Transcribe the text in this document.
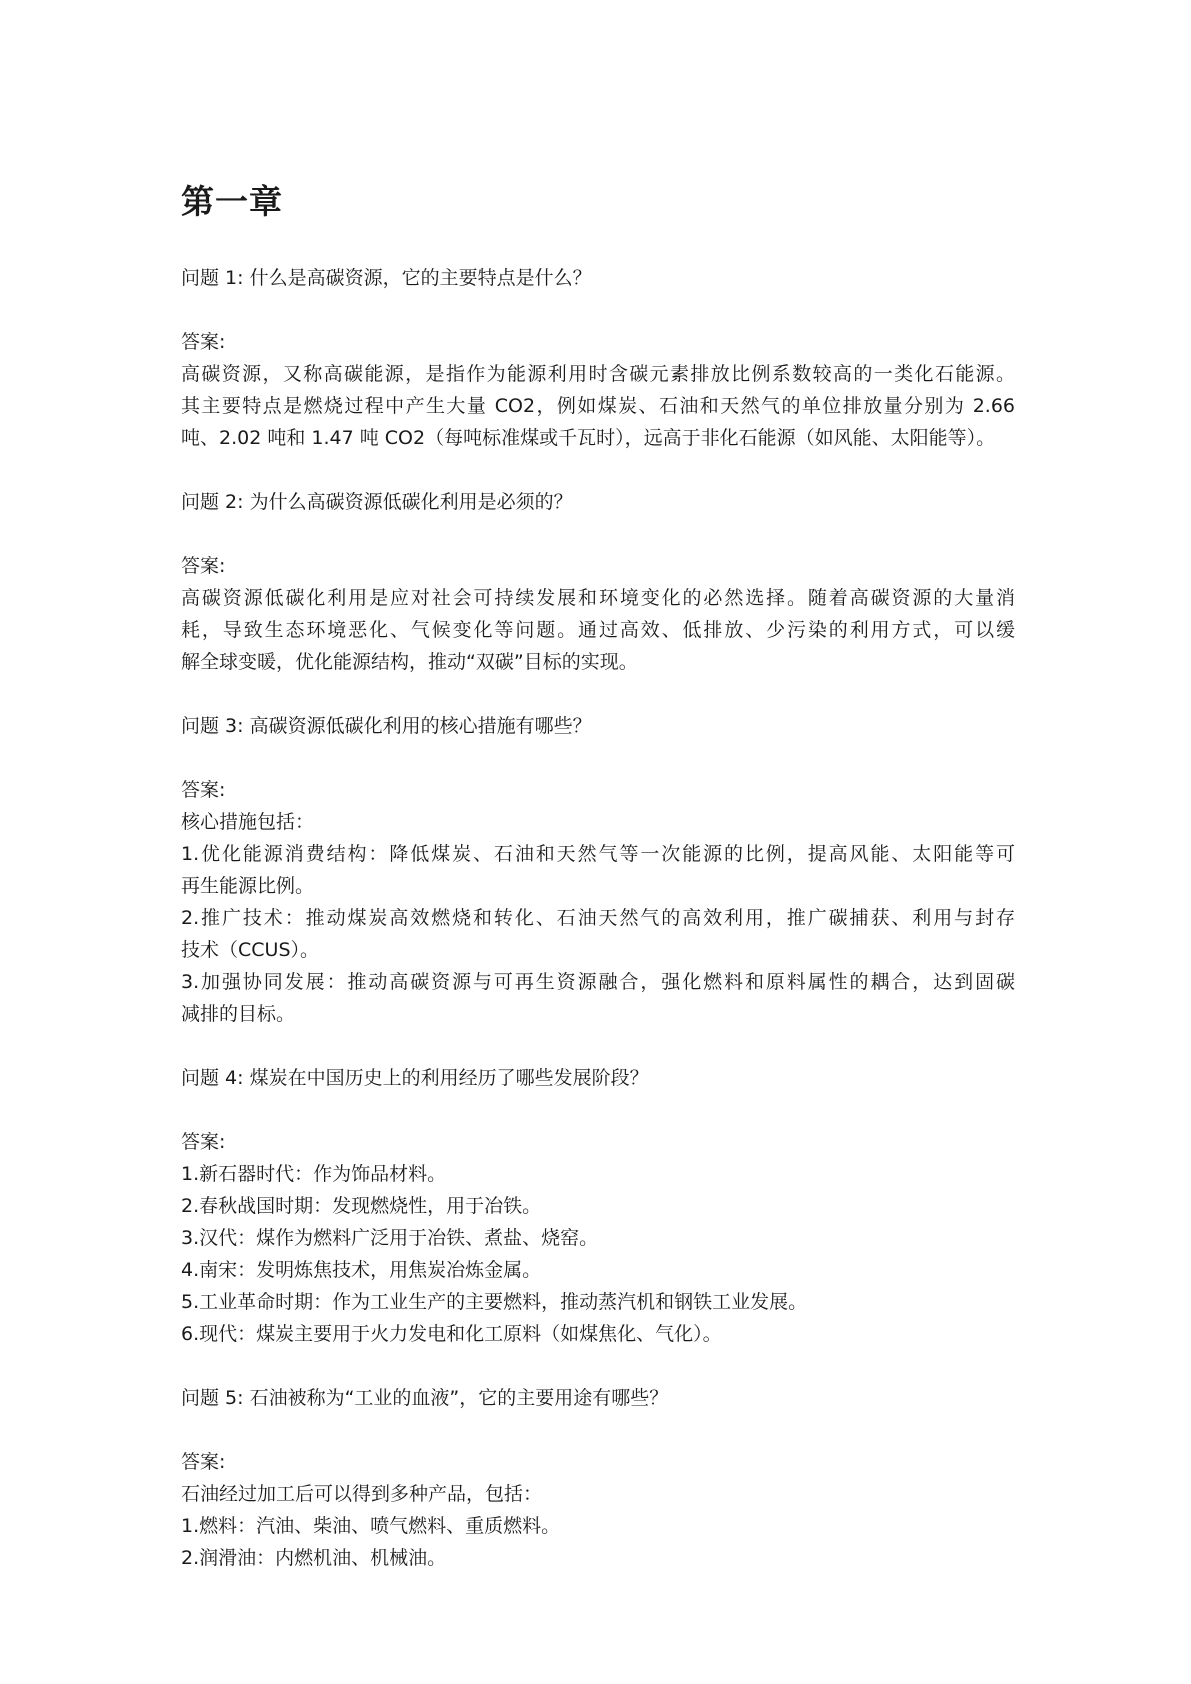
第一章

问题 1: 什么是高碳资源，它的主要特点是什么？

答案:

高碳资源，又称高碳能源，是指作为能源利用时含碳元素排放比例系数较高的一类化石能源。

其主要特点是燃烧过程中产生大量 CO2，例如煤炭、石油和天然气的单位排放量分别为 2.66

吨、2.02 吨和 1.47 吨 CO2（每吨标准煤或千瓦时），远高于非化石能源（如风能、太阳能等）。

问题 2: 为什么高碳资源低碳化利用是必须的？

答案:

高碳资源低碳化利用是应对社会可持续发展和环境变化的必然选择。随着高碳资源的大量消

耗，导致生态环境恶化、气候变化等问题。通过高效、低排放、少污染的利用方式，可以缓

解全球变暖，优化能源结构，推动“双碳”目标的实现。

问题 3: 高碳资源低碳化利用的核心措施有哪些？

答案:

核心措施包括：

1.优化能源消费结构：降低煤炭、石油和天然气等一次能源的比例，提高风能、太阳能等可

再生能源比例。

2.推广技术：推动煤炭高效燃烧和转化、石油天然气的高效利用，推广碳捕获、利用与封存

技术（CCUS）。

3.加强协同发展：推动高碳资源与可再生资源融合，强化燃料和原料属性的耦合，达到固碳

减排的目标。

问题 4: 煤炭在中国历史上的利用经历了哪些发展阶段？

答案:

1.新石器时代：作为饰品材料。

2.春秋战国时期：发现燃烧性，用于冶铁。

3.汉代：煤作为燃料广泛用于冶铁、煮盐、烧窑。

4.南宋：发明炼焦技术，用焦炭冶炼金属。

5.工业革命时期：作为工业生产的主要燃料，推动蒸汽机和钢铁工业发展。

6.现代：煤炭主要用于火力发电和化工原料（如煤焦化、气化）。

问题 5: 石油被称为“工业的血液”，它的主要用途有哪些？

答案:

石油经过加工后可以得到多种产品，包括：

1.燃料：汽油、柴油、喷气燃料、重质燃料。

2.润滑油：内燃机油、机械油。
